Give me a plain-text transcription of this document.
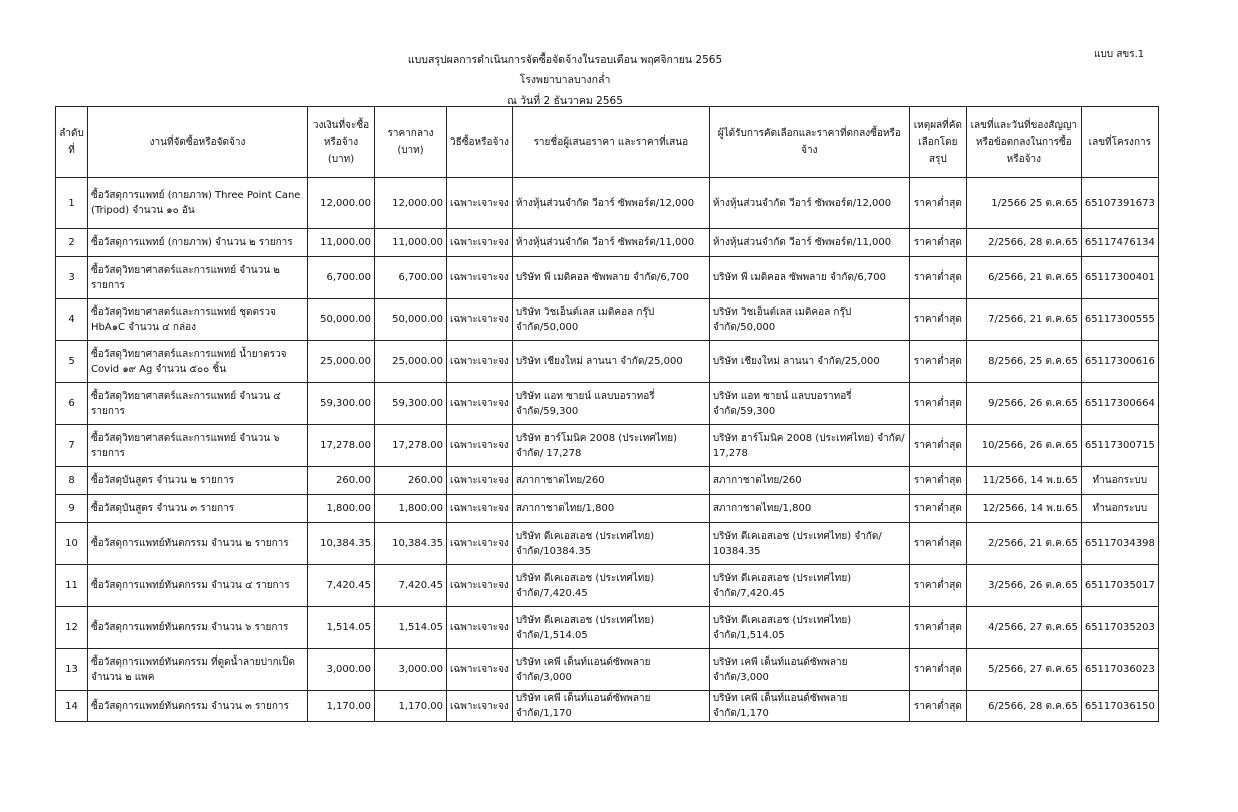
แบบ สขร.1
แบบสรุปผลการดำเนินการจัดซื้อจัดจ้างในรอบเดือน พฤศจิกายน 2565
โรงพยาบาลบางกล่ำ
ณ วันที่ 2 ธันวาคม 2565
ลำดับที่	งานที่จัดซื้อหรือจัดจ้าง	วงเงินที่จะซื้อหรือจ้าง (บาท)	ราคากลาง (บาท)	วิธีซื้อหรือจ้าง	รายชื่อผู้เสนอราคา และราคาที่เสนอ	ผู้ได้รับการคัดเลือกและราคาที่ตกลงซื้อหรือจ้าง	เหตุผลที่คัดเลือกโดยสรุป	เลขที่และวันที่ของสัญญาหรือข้อตกลงในการซื้อหรือจ้าง	เลขที่โครงการ
1	ซื้อวัสดุการแพทย์ (กายภาพ) Three Point Cane (Tripod) จำนวน ๑๐ อัน	12,000.00	12,000.00	เฉพาะเจาะจง	ห้างหุ้นส่วนจำกัด วีอาร์ ซัพพอร์ต/12,000	ห้างหุ้นส่วนจำกัด วีอาร์ ซัพพอร์ต/12,000	ราคาต่ำสุด	1/2566 25 ต.ค.65	65107391673
2	ซื้อวัสดุการแพทย์ (กายภาพ) จำนวน ๒ รายการ	11,000.00	11,000.00	เฉพาะเจาะจง	ห้างหุ้นส่วนจำกัด วีอาร์ ซัพพอร์ต/11,000	ห้างหุ้นส่วนจำกัด วีอาร์ ซัพพอร์ต/11,000	ราคาต่ำสุด	2/2566, 28 ต.ค.65	65117476134
3	ซื้อวัสดุวิทยาศาสตร์และการแพทย์ จำนวน ๒ รายการ	6,700.00	6,700.00	เฉพาะเจาะจง	บริษัท พี เมดิคอล ซัพพลาย จำกัด/6,700	บริษัท พี เมดิคอล ซัพพลาย จำกัด/6,700	ราคาต่ำสุด	6/2566, 21 ต.ค.65	65117300401
4	ซื้อวัสดุวิทยาศาสตร์และการแพทย์ ชุดตรวจ HbA๑C จำนวน ๔ กล่อง	50,000.00	50,000.00	เฉพาะเจาะจง	บริษัท วิชเอ็นต์เลส เมดิคอล กรุ๊ป จำกัด/50,000	บริษัท วิชเอ็นต์เลส เมดิคอล กรุ๊ป จำกัด/50,000	ราคาต่ำสุด	7/2566, 21 ต.ค.65	65117300555
5	ซื้อวัสดุวิทยาศาสตร์และการแพทย์ น้ำยาตรวจ Covid ๑๙ Ag จำนวน ๕๐๐ ชิ้น	25,000.00	25,000.00	เฉพาะเจาะจง	บริษัท เชียงใหม่ ลานนา จำกัด/25,000	บริษัท เชียงใหม่ ลานนา จำกัด/25,000	ราคาต่ำสุด	8/2566, 25 ต.ค.65	65117300616
6	ซื้อวัสดุวิทยาศาสตร์และการแพทย์ จำนวน ๔ รายการ	59,300.00	59,300.00	เฉพาะเจาะจง	บริษัท แอท ซายน์ แลบบอราทอรี่ จำกัด/59,300	บริษัท แอท ซายน์ แลบบอราทอรี่ จำกัด/59,300	ราคาต่ำสุด	9/2566, 26 ต.ค.65	65117300664
7	ซื้อวัสดุวิทยาศาสตร์และการแพทย์ จำนวน ๖ รายการ	17,278.00	17,278.00	เฉพาะเจาะจง	บริษัท ฮาร์โมนิค 2008 (ประเทศไทย) จำกัด/ 17,278	บริษัท ฮาร์โมนิค 2008 (ประเทศไทย) จำกัด/ 17,278	ราคาต่ำสุด	10/2566, 26 ต.ค.65	65117300715
8	ซื้อวัสดุบันสูตร จำนวน ๒ รายการ	260.00	260.00	เฉพาะเจาะจง	สภากาชาดไทย/260	สภากาชาดไทย/260	ราคาต่ำสุด	11/2566, 14 พ.ย.65	ทำนอกระบบ
9	ซื้อวัสดุบันสูตร จำนวน ๓ รายการ	1,800.00	1,800.00	เฉพาะเจาะจง	สภากาชาดไทย/1,800	สภากาชาดไทย/1,800	ราคาต่ำสุด	12/2566, 14 พ.ย.65	ทำนอกระบบ
10	ซื้อวัสดุการแพทย์ทันตกรรม จำนวน ๒ รายการ	10,384.35	10,384.35	เฉพาะเจาะจง	บริษัท ดีเคเอสเอช (ประเทศไทย) จำกัด/10384.35	บริษัท ดีเคเอสเอช (ประเทศไทย) จำกัด/ 10384.35	ราคาต่ำสุด	2/2566, 21 ต.ค.65	65117034398
11	ซื้อวัสดุการแพทย์ทันตกรรม จำนวน ๔ รายการ	7,420.45	7,420.45	เฉพาะเจาะจง	บริษัท ดีเคเอสเอช (ประเทศไทย) จำกัด/7,420.45	บริษัท ดีเคเอสเอช (ประเทศไทย) จำกัด/7,420.45	ราคาต่ำสุด	3/2566, 26 ต.ค.65	65117035017
12	ซื้อวัสดุการแพทย์ทันตกรรม จำนวน ๖ รายการ	1,514.05	1,514.05	เฉพาะเจาะจง	บริษัท ดีเคเอสเอช (ประเทศไทย) จำกัด/1,514.05	บริษัท ดีเคเอสเอช (ประเทศไทย) จำกัด/1,514.05	ราคาต่ำสุด	4/2566, 27 ต.ค.65	65117035203
13	ซื้อวัสดุการแพทย์ทันตกรรม ที่ดูดน้ำลายปากเป็ด จำนวน ๒ แพค	3,000.00	3,000.00	เฉพาะเจาะจง	บริษัท เคพี เด็นท์แอนด์ซัพพลาย จำกัด/3,000	บริษัท เคพี เด็นท์แอนด์ซัพพลาย จำกัด/3,000	ราคาต่ำสุด	5/2566, 27 ต.ค.65	65117036023
14	ซื้อวัสดุการแพทย์ทันตกรรม จำนวน ๓ รายการ	1,170.00	1,170.00	เฉพาะเจาะจง	บริษัท เคพี เด็นท์แอนด์ซัพพลาย จำกัด/1,170	บริษัท เคพี เด็นท์แอนด์ซัพพลาย จำกัด/1,170	ราคาต่ำสุด	6/2566, 28 ต.ค.65	65117036150
